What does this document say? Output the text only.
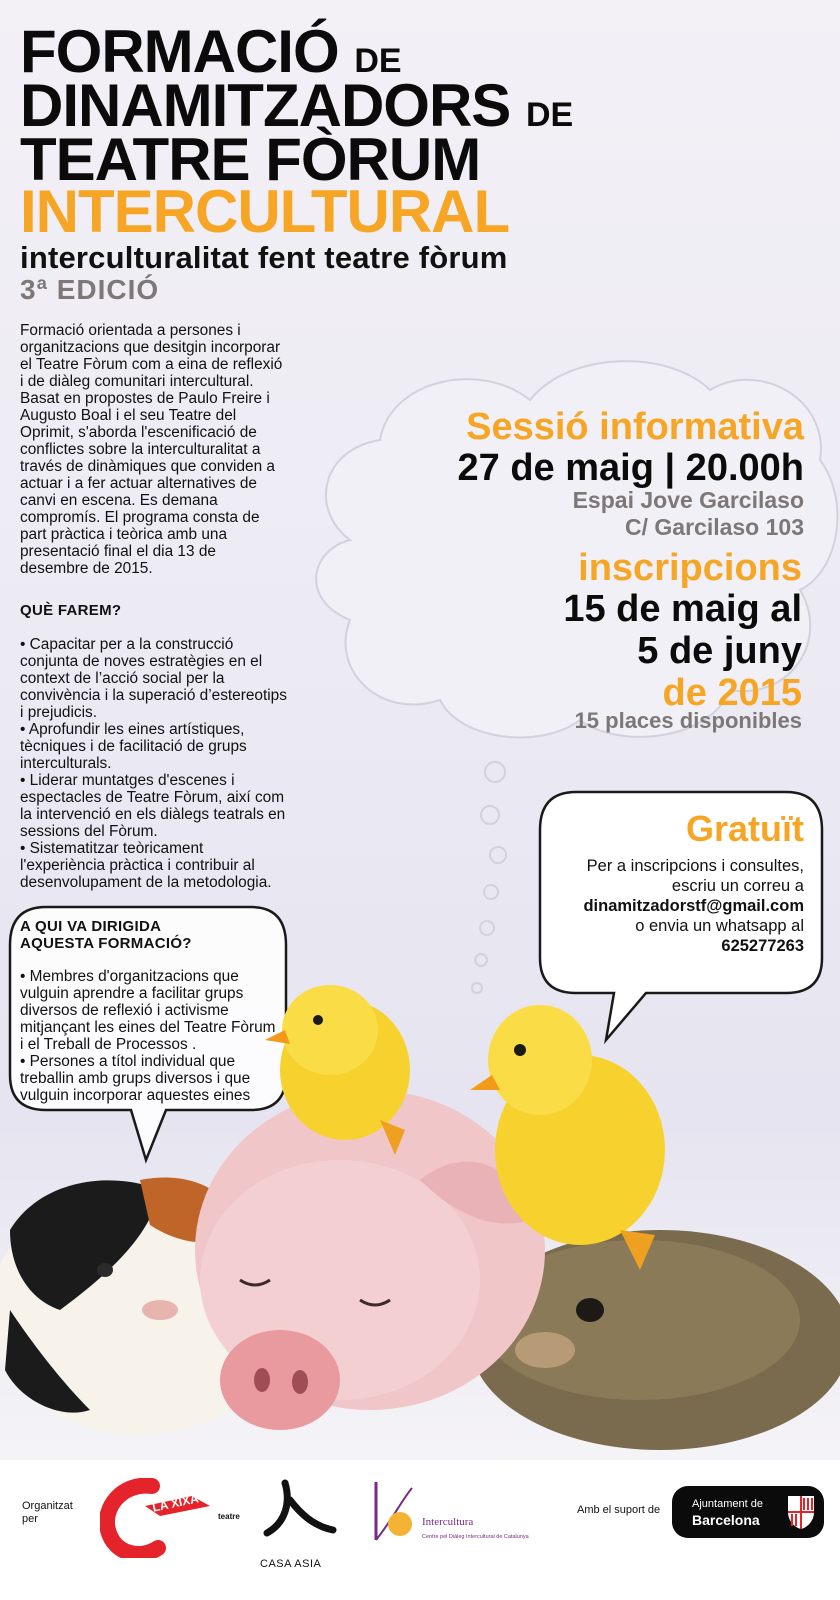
FORMACIÓ DE
DINAMITZADORS DE
TEATRE FÒRUM
INTERCULTURAL
interculturalitat fent teatre fòrum
3ª EDICIÓ
Formació orientada a persones i organitzacions que desitgin incorporar el Teatre Fòrum com a eina de reflexió i de diàleg comunitari intercultural. Basat en propostes de Paulo Freire i Augusto Boal i el seu Teatre del Oprimit, s'aborda l'escenificació de conflictes sobre la interculturalitat a través de dinàmiques que conviden a actuar i a fer actuar alternatives de canvi en escena. Es demana compromís. El programa consta de part pràctica i teòrica amb una presentació final el dia 13 de desembre de 2015.
QUÈ FAREM?
• Capacitar per a la construcció conjunta de noves estratègies en el context de l’acció social per la convivència i la superació d’estereotips i prejudicis.
• Aprofundir les eines artístiques, tècniques i de facilitació de grups interculturals.
• Liderar muntatges d'escenes i espectacles de Teatre Fòrum, així com la intervenció en els diàlegs teatrals en sessions del Fòrum.
• Sistematitzar teòricament l'experiència pràctica i contribuir al desenvolupament de la metodologia.
A QUI VA DIRIGIDA
AQUESTA FORMACIÓ?
• Membres d'organitzacions que vulguin aprendre a facilitar grups diversos de reflexió i activisme mitjançant les eines del Teatre Fòrum i el Treball de Processos .
• Persones a títol individual que treballin amb grups diversos i que vulguin incorporar aquestes eines
Sessió informativa
27 de maig | 20.00h
Espai Jove Garcilaso
C/ Garcilaso 103
inscripcions
15 de maig al
5 de juny
de 2015
15 places disponibles
Gratuït
Per a inscripcions i consultes,
escriu un correu a
dinamitzadorstf@gmail.com
o envia un whatsapp al
625277263
Organitzat
per
LA XIXA
teatre
CASA ASIA
Intercultura
Centre pel Diàleg Intercultural de Catalunya
Amb el suport de	Ajuntament de
Barcelona
